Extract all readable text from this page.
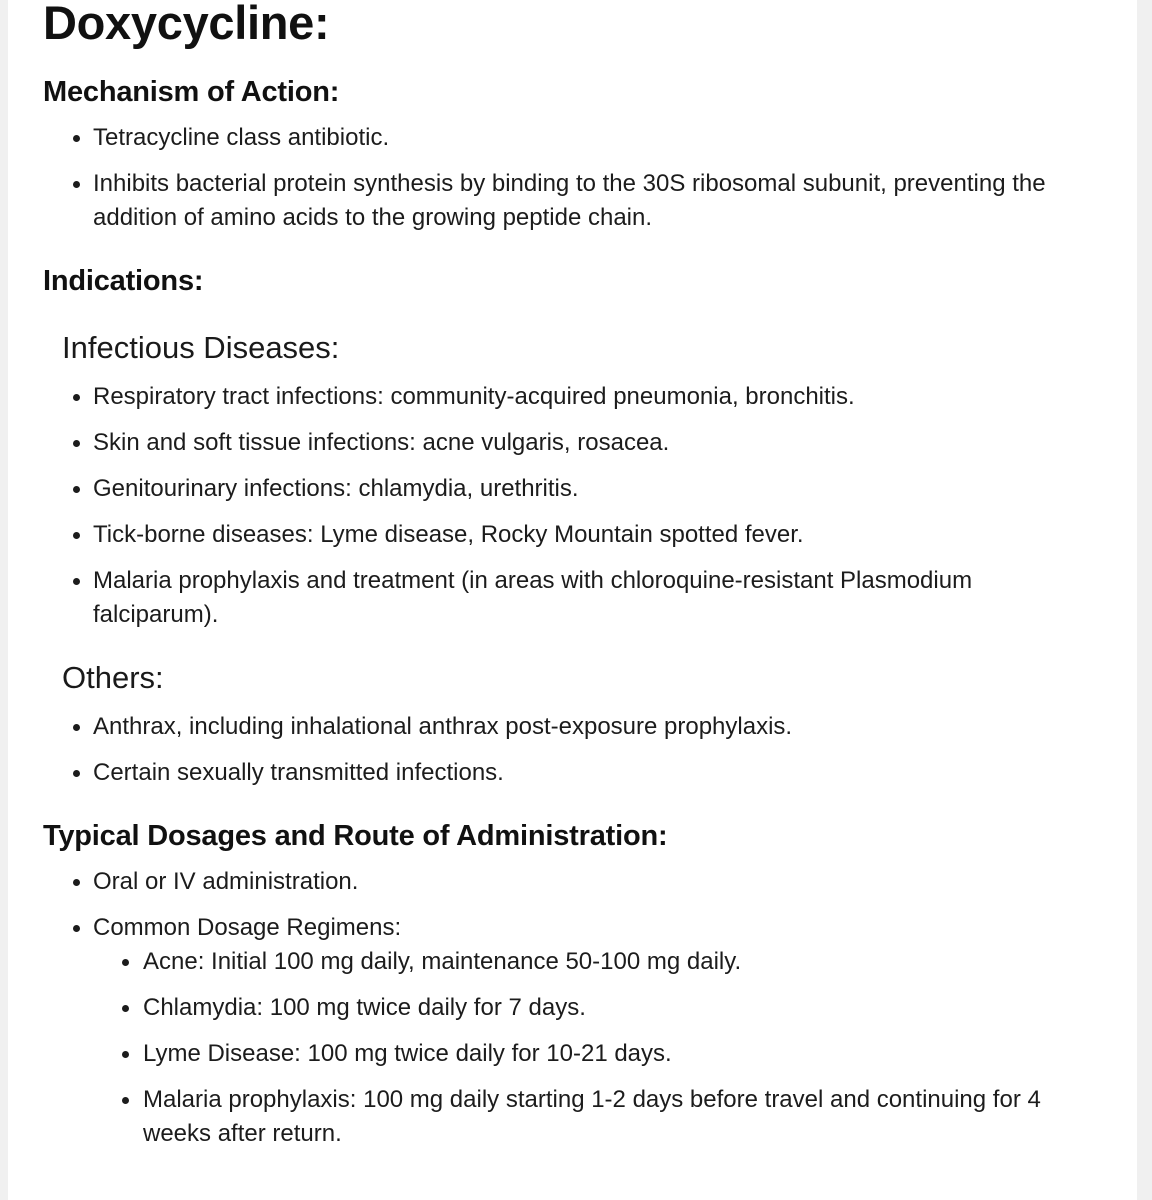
Doxycycline:
Mechanism of Action:
Tetracycline class antibiotic.
Inhibits bacterial protein synthesis by binding to the 30S ribosomal subunit, preventing the addition of amino acids to the growing peptide chain.
Indications:
Infectious Diseases:
Respiratory tract infections: community-acquired pneumonia, bronchitis.
Skin and soft tissue infections: acne vulgaris, rosacea.
Genitourinary infections: chlamydia, urethritis.
Tick-borne diseases: Lyme disease, Rocky Mountain spotted fever.
Malaria prophylaxis and treatment (in areas with chloroquine-resistant Plasmodium falciparum).
Others:
Anthrax, including inhalational anthrax post-exposure prophylaxis.
Certain sexually transmitted infections.
Typical Dosages and Route of Administration:
Oral or IV administration.
Common Dosage Regimens:
Acne: Initial 100 mg daily, maintenance 50-100 mg daily.
Chlamydia: 100 mg twice daily for 7 days.
Lyme Disease: 100 mg twice daily for 10-21 days.
Malaria prophylaxis: 100 mg daily starting 1-2 days before travel and continuing for 4 weeks after return.
